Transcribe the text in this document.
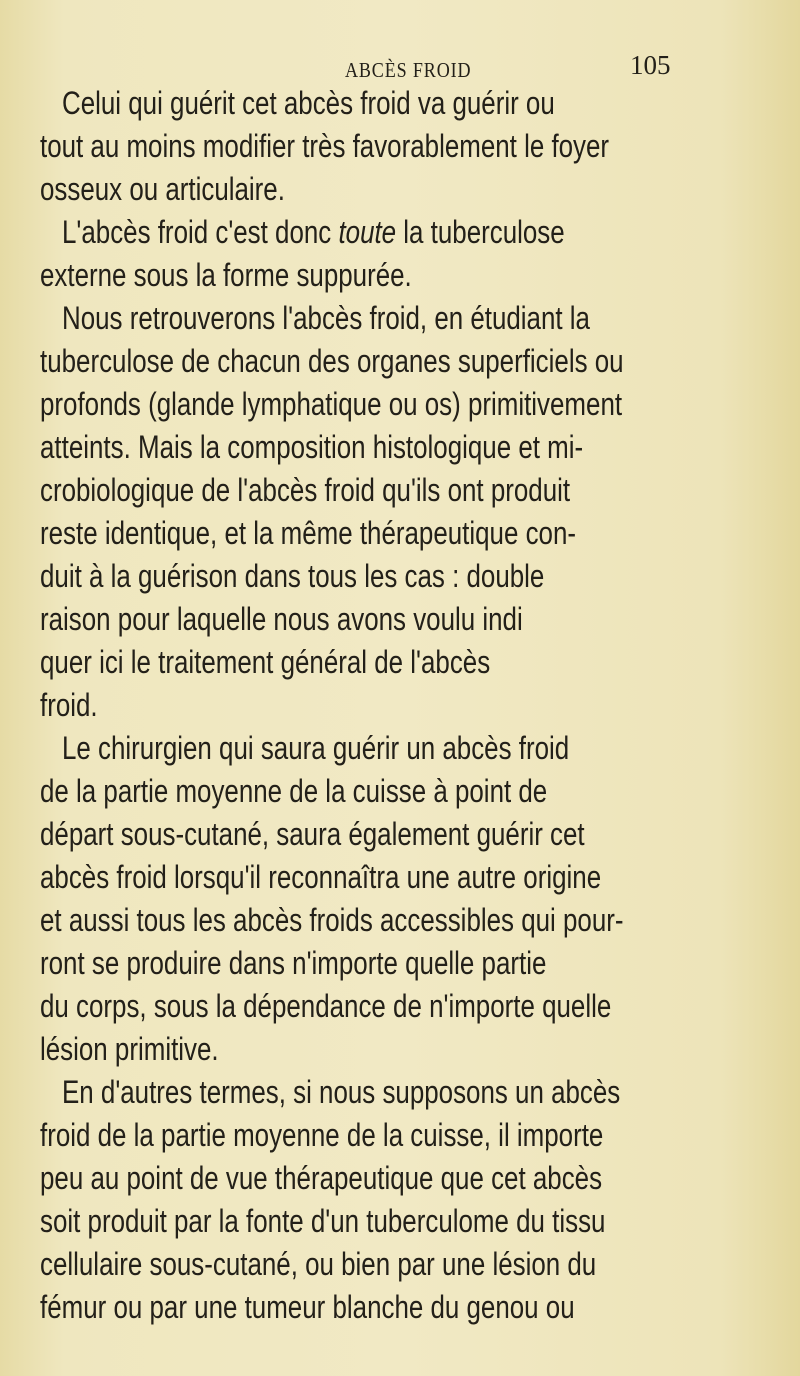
ABCÈS FROID	105
Celui qui guérit cet abcès froid va guérir ou
tout au moins modifier très favorablement le foyer
osseux ou articulaire.
L'abcès froid c'est donc toute la tuberculose
externe sous la forme suppurée.
Nous retrouverons l'abcès froid, en étudiant la
tuberculose de chacun des organes superficiels ou
profonds (glande lymphatique ou os) primitivement
atteints. Mais la composition histologique et mi-
crobiologique de l'abcès froid qu'ils ont produit
reste identique, et la même thérapeutique con-
duit à la guérison dans tous les cas : double
raison pour laquelle nous avons voulu indi
quer ici le traitement général de l'abcès
froid.
Le chirurgien qui saura guérir un abcès froid
de la partie moyenne de la cuisse à point de
départ sous-cutané, saura également guérir cet
abcès froid lorsqu'il reconnaîtra une autre origine
et aussi tous les abcès froids accessibles qui pour-
ront se produire dans n'importe quelle partie
du corps, sous la dépendance de n'importe quelle
lésion primitive.
En d'autres termes, si nous supposons un abcès
froid de la partie moyenne de la cuisse, il importe
peu au point de vue thérapeutique que cet abcès
soit produit par la fonte d'un tuberculome du tissu
cellulaire sous-cutané, ou bien par une lésion du
fémur ou par une tumeur blanche du genou ou
